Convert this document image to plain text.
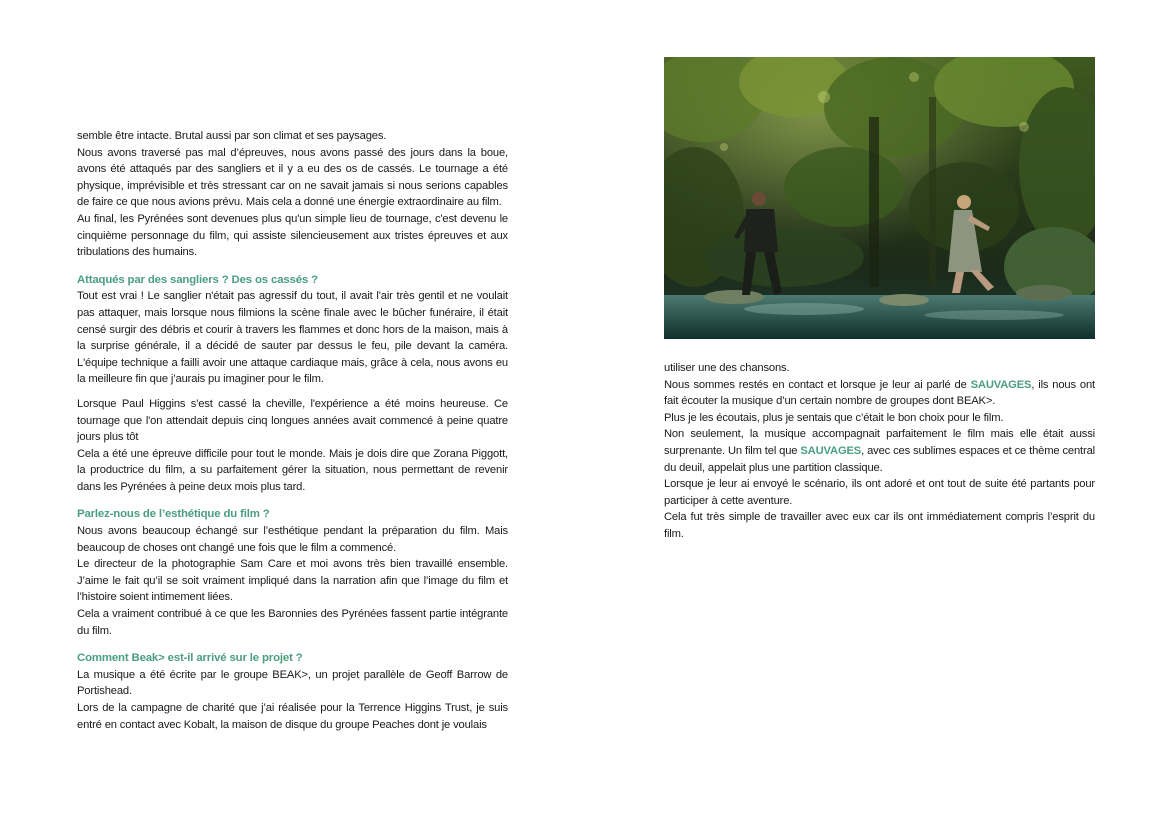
semble être intacte. Brutal aussi par son climat et ses paysages.

Nous avons traversé pas mal d’épreuves, nous avons passé des jours dans la boue, avons été attaqués par des sangliers et il y a eu des os de cassés. Le tournage a été physique, imprévisible et très stressant car on ne savait jamais si nous serions capables de faire ce que nous avions prévu. Mais cela a donné une énergie extraordinaire au film.

Au final, les Pyrénées sont devenues plus qu'un simple lieu de tournage, c'est devenu le cinquième personnage du film, qui assiste silencieusement aux tristes épreuves et aux tribulations des humains.

Attaqués par des sangliers ? Des os cassés ?

Tout est vrai ! Le sanglier n'était pas agressif du tout, il avait l'air très gentil et ne voulait pas attaquer, mais lorsque nous filmions la scène finale avec le bûcher funéraire, il était censé surgir des débris et courir à travers les flammes et donc hors de la maison, mais à la surprise générale, il a décidé de sauter par dessus le feu, pile devant la caméra. L'équipe technique a failli avoir une attaque cardiaque mais, grâce à cela, nous avons eu la meilleure fin que j’aurais pu imaginer pour le film.

Lorsque Paul Higgins s'est cassé la cheville, l'expérience a été moins heureuse. Ce tournage que l'on attendait depuis cinq longues années avait commencé à peine quatre jours plus tôt

Cela a été une épreuve difficile pour tout le monde. Mais je dois dire que Zorana Piggott, la productrice du film, a su parfaitement gérer la situation, nous permettant de revenir dans les Pyrénées à peine deux mois plus tard.

Parlez-nous de l’esthétique du film ?

Nous avons beaucoup échangé sur l’esthétique pendant la préparation du film. Mais beaucoup de choses ont changé une fois que le film a commencé.

Le directeur de la photographie Sam Care et moi avons très bien travaillé ensemble. J’aime le fait qu’il se soit vraiment impliqué dans la narration afin que l’image du film et l’histoire soient intimement liées.

Cela a vraiment contribué à ce que les Baronnies des Pyrénées fassent partie intégrante du film.

Comment Beak> est-il arrivé sur le projet ?

La musique a été écrite par le groupe BEAK>, un projet parallèle de Geoff Barrow de Portishead.

Lors de la campagne de charité que j’ai réalisée pour la Terrence Higgins Trust, je suis entré en contact avec Kobalt, la maison de disque du groupe Peaches dont je voulais

utiliser une des chansons.

Nous sommes restés en contact et lorsque je leur ai parlé de SAUVAGES, ils nous ont fait écouter la musique d’un certain nombre de groupes dont BEAK>.

Plus je les écoutais, plus je sentais que c’était le bon choix pour le film.

Non seulement, la musique accompagnait parfaitement le film mais elle était aussi surprenante. Un film tel que SAUVAGES, avec ces sublimes espaces et ce thème central du deuil, appelait plus une partition classique.

Lorsque je leur ai envoyé le scénario, ils ont adoré et ont tout de suite été partants pour participer à cette aventure.

Cela fut très simple de travailler avec eux car ils ont immédiatement compris l’esprit du film.
